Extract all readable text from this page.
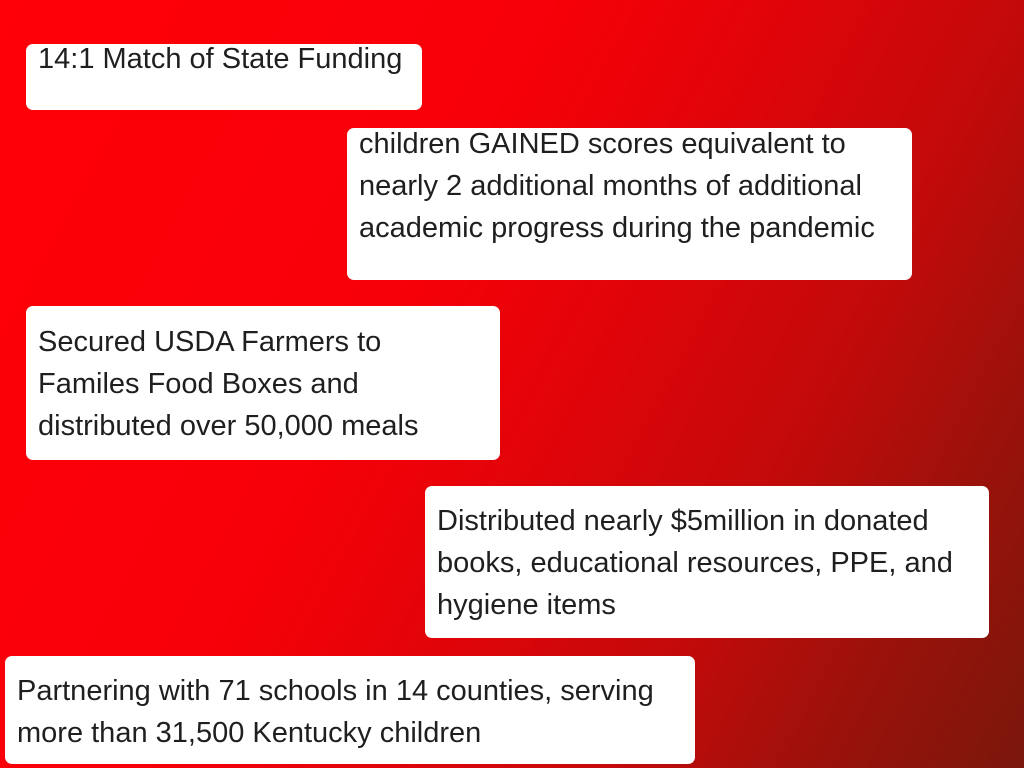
14:1 Match of State Funding
children GAINED scores equivalent to nearly 2 additional months of additional academic progress during the pandemic
Secured USDA Farmers to Familes Food Boxes and distributed over 50,000 meals
Distributed nearly $5million in donated books, educational resources, PPE, and hygiene items
Partnering with 71 schools in 14 counties, serving more than 31,500 Kentucky children
